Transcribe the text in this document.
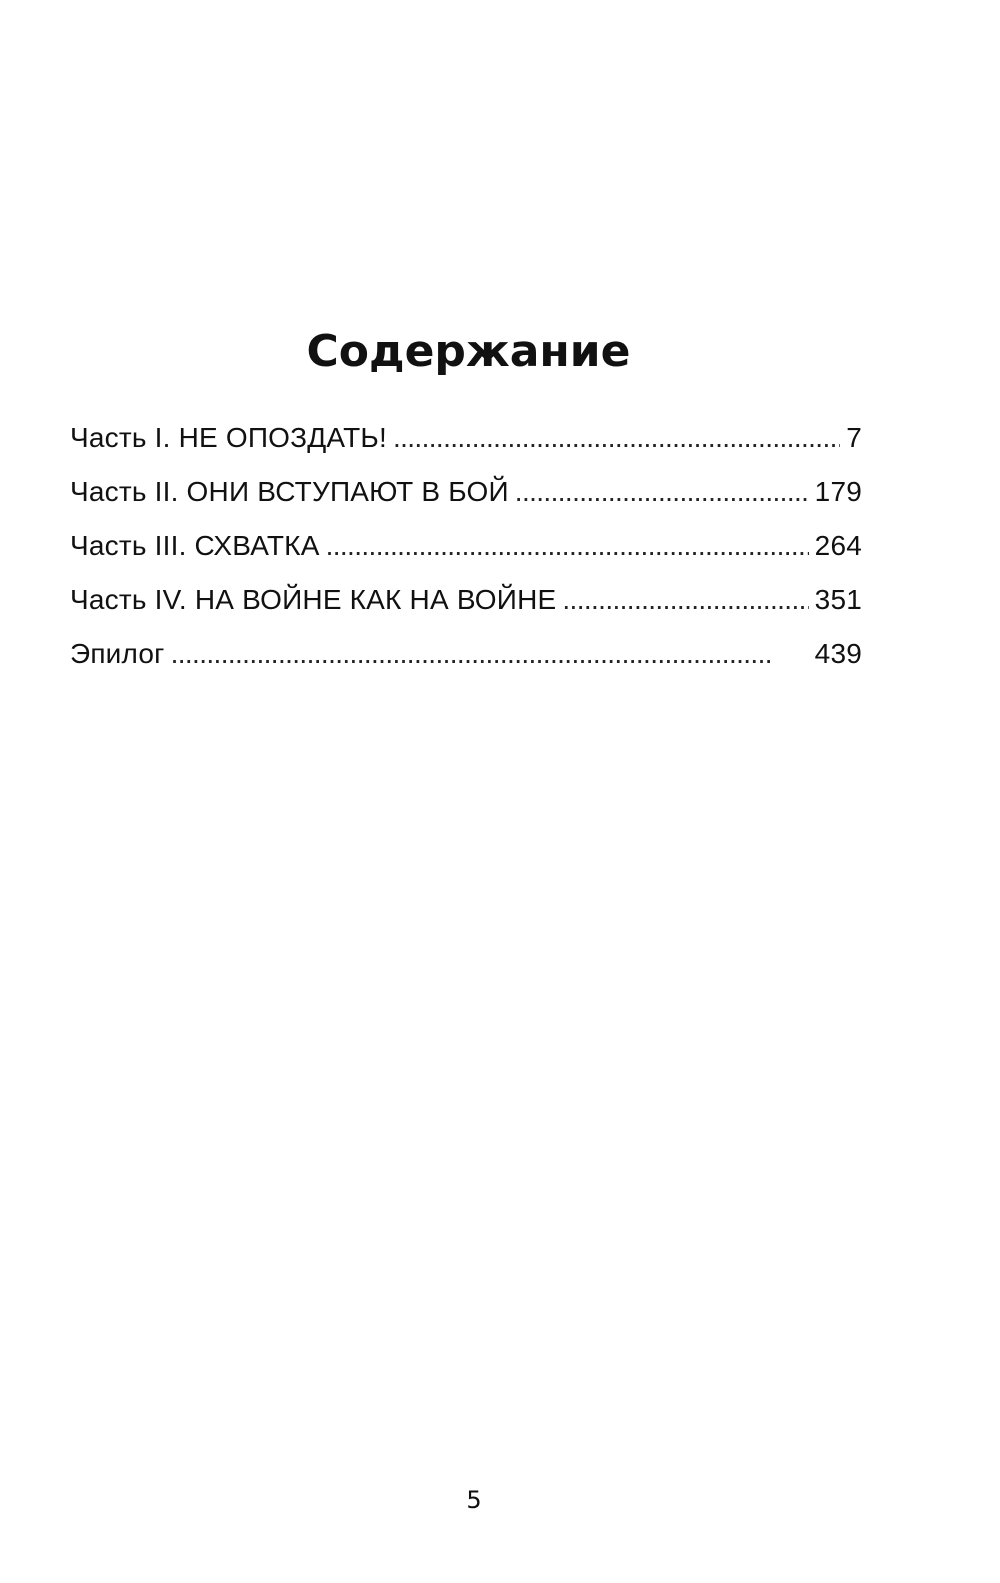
Содержание
Часть I. НЕ ОПОЗДАТЬ! . . .	7
Часть II. ОНИ ВСТУПАЮТ В БОЙ . . .	179
Часть III. СХВАТКА . . .	264
Часть IV. НА ВОЙНЕ КАК НА ВОЙНЕ . . .	351
Эпилог . . .	439
5
